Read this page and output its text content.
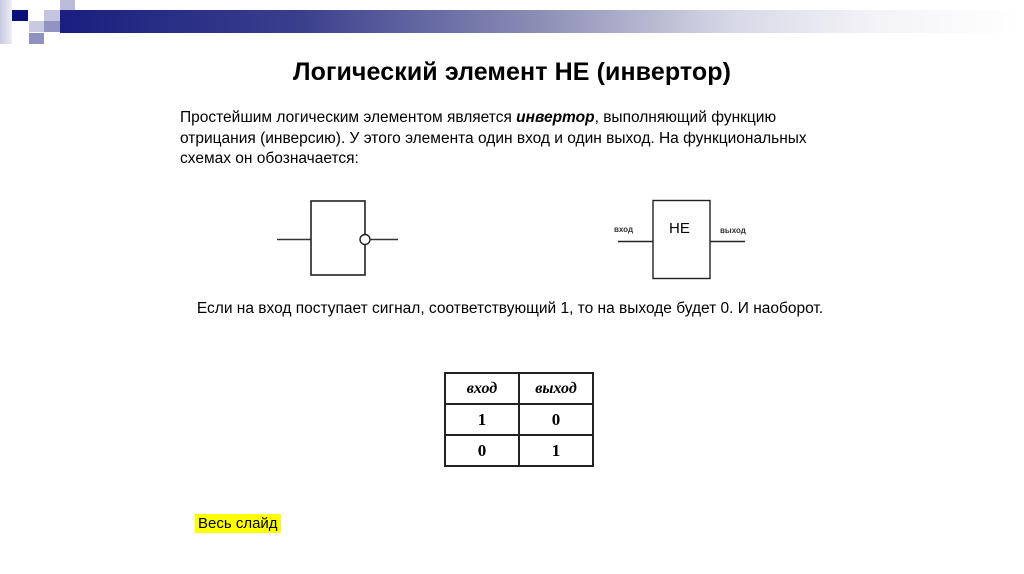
Логический элемент НЕ (инвертор)
Простейшим логическим элементом является инвертор, выполняющий функцию отрицания (инверсию). У этого элемента один вход и один выход. На функциональных схемах он обозначается:
вход	выход
НЕ
Если на вход поступает сигнал, соответствующий 1, то на выходе будет 0. И наоборот.
вход	выход
1	0
0	1
Весь слайд
